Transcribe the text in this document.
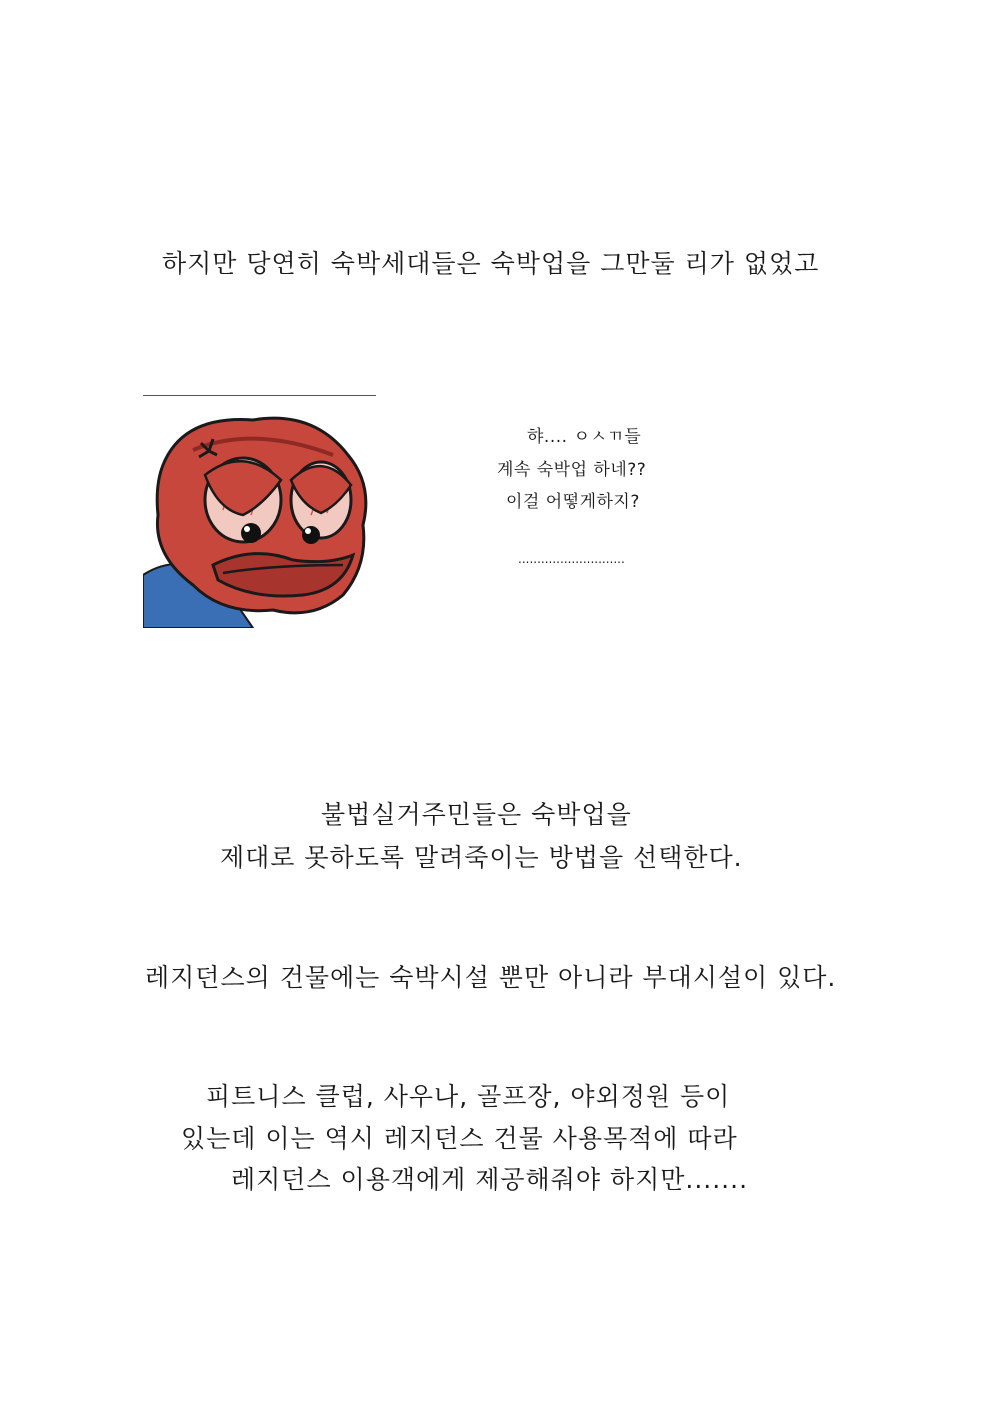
하지만 당연히 숙박세대들은 숙박업을 그만둘 리가 없었고
햐.... ㅇㅅㄲ들
계속 숙박업 하네??
이걸 어떻게하지?
............................
불법실거주민들은 숙박업을
제대로 못하도록 말려죽이는 방법을 선택한다.
레지던스의 건물에는 숙박시설 뿐만 아니라 부대시설이 있다.
피트니스 클럽, 사우나, 골프장, 야외정원 등이
있는데 이는 역시 레지던스 건물 사용목적에 따라
레지던스 이용객에게 제공해줘야 하지만.......
